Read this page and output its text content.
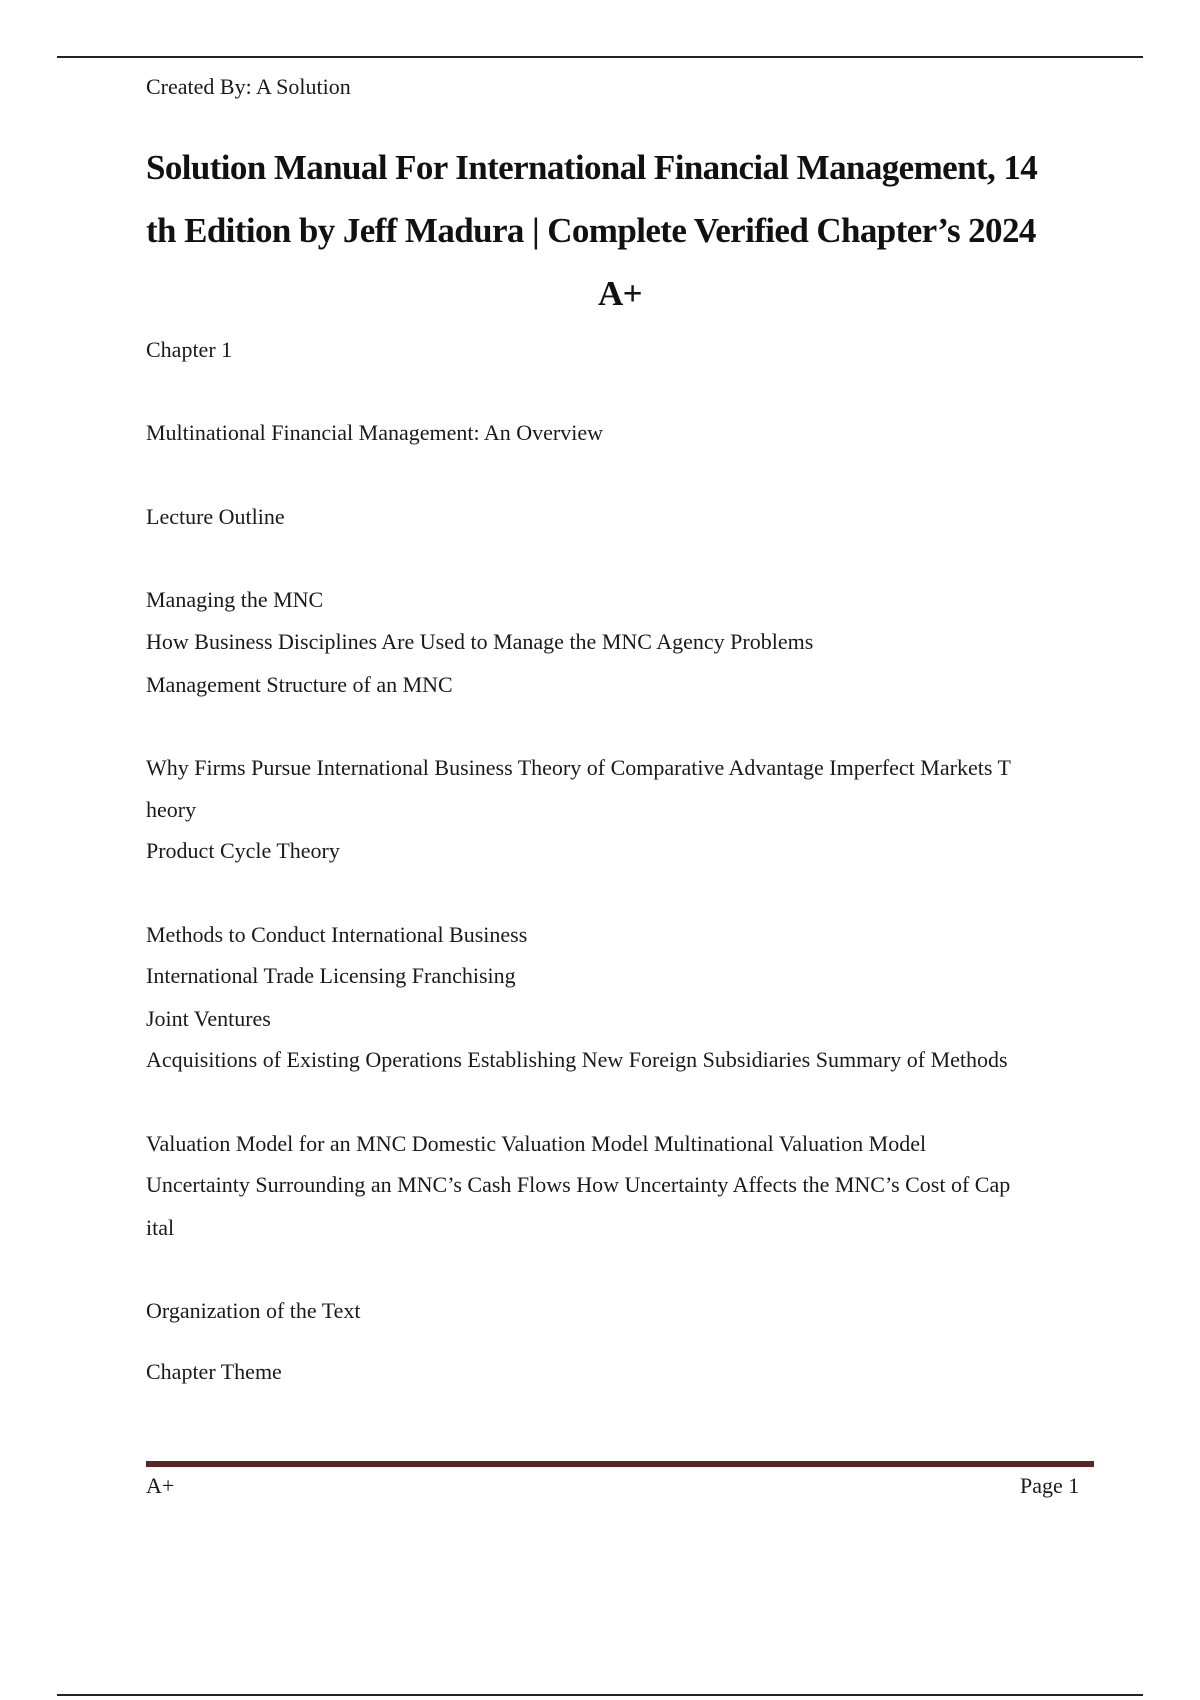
Created By: A Solution
Solution Manual For International Financial Management, 14
th Edition by Jeff Madura | Complete Verified Chapter’s 2024
A+
Chapter 1
Multinational Financial Management: An Overview
Lecture Outline
Managing the MNC
How Business Disciplines Are Used to Manage the MNC Agency Problems
Management Structure of an MNC
Why Firms Pursue International Business Theory of Comparative Advantage Imperfect Markets T
heory
Product Cycle Theory
Methods to Conduct International Business
International Trade Licensing Franchising
Joint Ventures
Acquisitions of Existing Operations Establishing New Foreign Subsidiaries Summary of Methods
Valuation Model for an MNC Domestic Valuation Model Multinational Valuation Model
Uncertainty Surrounding an MNC’s Cash Flows How Uncertainty Affects the MNC’s Cost of Cap
ital
Organization of the Text
Chapter Theme
A+	Page 1
